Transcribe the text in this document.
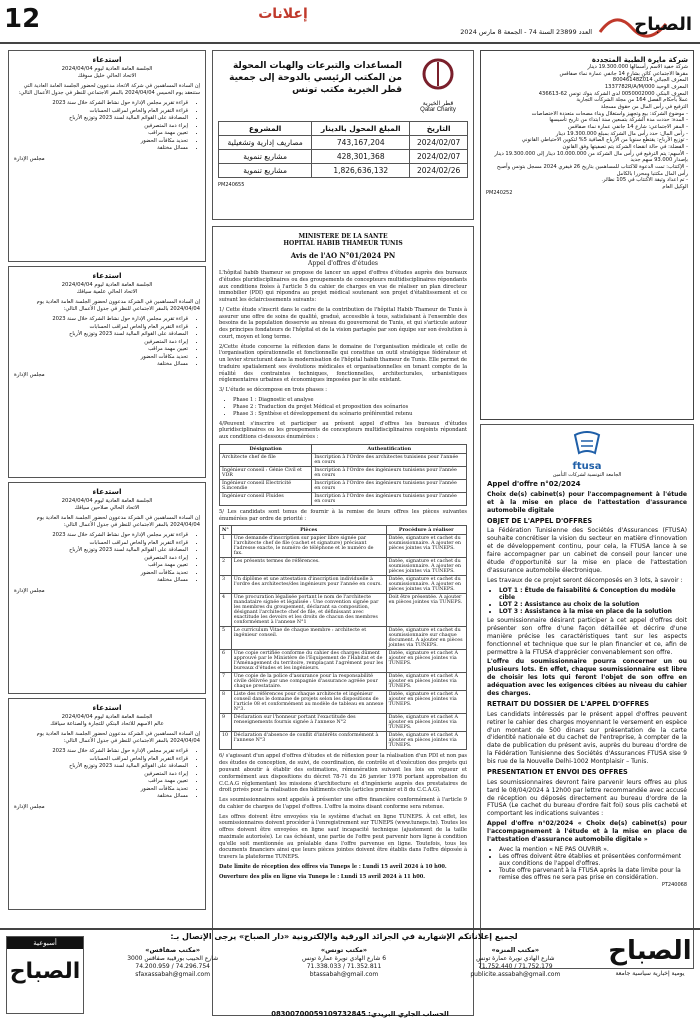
12	إعلانات
العدد 23899 السنة 74 - الجمعة 8 مارس 2024 الصباح
استدعاء
الجلسة العامة العادية ليوم 2024/04/04
الاتحاد الحالي خليل سوفك
إن السادة المساهمين في شركة الاتحاد مدعوون لحضور الجلسة العامة العادية التي ستنعقد يوم الخميس 2024/04/04 بالمقر الاجتماعي للنظر في جدول الأعمال التالي:
• قراءة تقرير مجلس الإدارة حول نشاط الشركة خلال سنة 2023
• قراءة التقرير العام والخاص لمراقب الحسابات
• المصادقة على القوائم المالية لسنة 2023 وتوزيع الأرباح
• إبراء ذمة المتصرفين
• تعيين مهمة مراقب
• تحديد مكافآت الحضور
• مسائل مختلفة
مجلس الإدارة
استدعاء
الجلسة العامة العادية ليوم 2024/04/04
الاتحاد الحالي علمية سيافك
إن السادة المساهمين في الشركة مدعوون لحضور الجلسة العامة العادية يوم 2024/04/04 بالمقر الاجتماعي للنظر في جدول الأعمال التالي:
• قراءة تقرير مجلس الإدارة حول نشاط الشركة خلال سنة 2023
• قراءة التقرير العام والخاص لمراقب الحسابات
• المصادقة على القوائم المالية لسنة 2023 وتوزيع الأرباح
• إبراء ذمة المتصرفين
• تعيين مهمة مراقب
• تحديد مكافآت الحضور
• مسائل مختلفة
مجلس الإدارة
استدعاء
الجلسة العامة العادية ليوم 2024/04/04
الاتحاد الحالي صلاحين سيافك
إن السادة المساهمين في الشركة مدعوون لحضور الجلسة العامة العادية يوم 2024/04/04 بالمقر الاجتماعي للنظر في جدول الأعمال التالي:
• قراءة تقرير مجلس الإدارة حول نشاط الشركة خلال سنة 2023
• قراءة التقرير العام والخاص لمراقب الحسابات
• المصادقة على القوائم المالية لسنة 2023 وتوزيع الأرباح
• إبراء ذمة المتصرفين
• تعيين مهمة مراقب
• تحديد مكافآت الحضور
• مسائل مختلفة
مجلس الإدارة
استدعاء
الجلسة العامة العادية ليوم 2024/04/04
عالم الاسهم للاتحاد البنكي للتجارة والصناعة سيافك
إن السادة المساهمين في الشركة مدعوون لحضور الجلسة العامة العادية يوم 2024/04/04 بالمقر الاجتماعي للنظر في جدول الأعمال التالي:
• قراءة تقرير مجلس الإدارة حول نشاط الشركة خلال سنة 2023
• قراءة التقرير العام والخاص لمراقب الحسابات
• المصادقة على القوائم المالية لسنة 2023 وتوزيع الأرباح
• إبراء ذمة المتصرفين
• تعيين مهمة مراقب
• تحديد مكافآت الحضور
• مسائل مختلفة
مجلس الإدارة
قطر الخيرية
Qatar Charity
المساعدات والتبرعات والهبات المحولة من المكتب الرئيسي بالدوحة إلى جمعية قطر الخيرية مكتب تونس
التاريخ	المبلغ المحول بالدينار	المشروع
2024/02/07	743,167,204	مصاريف إدارية وتشغيلية
2024/02/07	428,301,368	مشاريع تنموية
2024/02/26	1,826,636,132	مشاريع تنموية
PM240655
MINISTERE DE LA SANTE
HOPITAL HABIB THAMEUR TUNIS
Avis de l'AO N°01/2024 PN
Appel d'offres d'études

L'hôpital habib thameur se propose de lancer un appel d'offres d'études auprès des bureaux d'études pluridisciplinaires ou des groupements de concepteurs multidisciplinaires répondants aux conditions fixées à l'article 5 du cahier de charges en vue de réaliser un plan directeur immobilier (PDI) qui répondra au projet médical soutenant son projet d'établissement et ce suivant les éclaircissements suivants:

1/ Cette étude s'inscrit dans le cadre de la contribution de l'hôpital Habib Thameur de Tunis à assurer une offre de soins de qualité, gradué, accessible à tous, satisfaisant à l'ensemble des besoins de la population desservie au niveau du gouvernorat de Tunis, et qui s'articule autour des principes fondateurs de l'hôpital et de la vision partagée par son équipe sur son évolution à court, moyen et long terme.

2/Cette étude concerne la réflexion dans le domaine de l'organisation médicale et celle de l'organisation opérationnelle et fonctionnelle qui constitue un outil stratégique fédérateur et un levier structurant dans la modernisation de l'hôpital habib thameur de Tunis. Elle permet de traduire spatialement ses évolutions médicales et organisationnelles en tenant compte de la réalité des contraintes techniques, fonctionnelles, architecturales, urbanistiques réglementaires urbaines et économiques imposées par le site existant.

3/ L'étude se décompose en trois phases :

• Phase 1 : Diagnostic et analyse
• Phase 2 : Traduction du projet Médical et proposition des scénarios
• Phase 3 : Synthèse et développement du scénario préférentiel retenu

4/Peuvent s'inscrire et participer au présent appel d'offres les bureaux d'études pluridisciplinaires ou les groupements de concepteurs multidisciplinaires conjoints répondant aux conditions ci-dessous énumérées :

Désignation	Authentification
Architecte chef de file	Inscription à l'Ordre des architectes tunisiens pour l'année en cours
Ingénieur conseil : Génie Civil et VDR	Inscription à l'Ordre des ingénieurs tunisiens pour l'année en cours
Ingénieur conseil Electricité S.incendie	Inscription à l'Ordre des ingénieurs tunisiens pour l'année en cours
Ingénieur conseil Fluides	Inscription à l'Ordre des ingénieurs tunisiens pour l'année en cours

5/ Les candidats sont tenus de fournir à la remise de leurs offres les pièces suivantes énumérées par ordre de priorité :

N°	Pièces	Procédure à réaliser
1	Une demande d'inscription sur papier libre signée par l'architecte chef de file (cachet et signature) précisant l'adresse exacte, le numéro de téléphone et le numéro de fax.	Datée, signature et cachet du soumissionnaire. A ajouter en pièces jointes via TUNEPS.
2	Les présents termes de références.	Datée, signature et cachet du soumissionnaire. A ajouter en pièces jointes via TUNEPS.
3	Un diplôme et une attestation d'inscription individuelle à l'ordre des architectes/des ingénieurs pour l'année en cours.	Datée, signature et cachet du soumissionnaire. A ajouter en pièces jointes via TUNEPS.
4	Une procuration légalisée portant le nom de l'architecte mandataire signée et légalisée : Une convention signée par les membres du groupement, déclarant sa composition, désignant l'architecte chef de file, et définissant avec exactitude les devoirs et les droits de chacun des membres conformément à l'annexe N°1	Doit être présentée. A ajouter en pièces jointes via TUNEPS.
5	Le curriculum Vitae de chaque membre : architecte et ingénieur conseil.	Datée, signature et cachet du soumissionnaire sur chaque document. A ajouter en pièces jointes via TUNEPS.
6	Une copie certifiée conforme du cahier des charges dûment approuvé par le Ministère de l'Equipement de l'Habitat et de l'Aménagement du territoire, remplaçant l'agrément pour les bureaux d'études et les ingénieurs.	Datée, signature et cachet A ajouter en pièces jointes via TUNEPS.
7	Une copie de la police d'assurance pour la responsabilité civile délivrée par une compagnie d'assurance agréée pour chaque prestataire.	Datée, signature et cachet A ajouter en pièces jointes via TUNEPS.
8	Liste des références pour chaque architecte et ingénieur conseil dans le domaine de projets selon les dispositions de l'article 08 et conformément au modèle de tableau en annexe N°3.	Datée, signature et cachet A ajouter en pièces jointes via TUNEPS.
9	Déclaration sur l'honneur portant l'exactitude des renseignements fournis signée à l'annexe N°2	Datée, signature et cachet A ajouter en pièces jointes via TUNEPS.
10	Déclaration d'absence de conflit d'intérêts conformément à l'annexe N°3	Datée, signature et cachet A ajouter en pièces jointes via TUNEPS.

6/ s'agissant d'un appel d'offres d'études et de réflexion pour la réalisation d'un PDI et non pas des études de conception, de suivi, de coordination, de contrôle et d'exécution des projets qui pouvant aboutir à établir des estimations, rémunération suivant les lois en vigueur et conformément aux dispositions du décret 78-71 du 26 janvier 1978 portant approbation du C.C.A.G réglementant les missions d'architecture et d'ingénierie auprès des prestataires de droit privés pour la réalisation des bâtiments civils (articles premier et 8 du C.C.A.G).

Les soumissionnaires sont appelés à présenter une offre financière conformément à l'article 9 du cahier de charges de l'appel d'offres. L'offre la moins disant conforme sera retenue.

Les offres doivent être envoyées via le système d'achat en ligne TUNEPS. À cet effet, les soumissionnaires doivent procéder à l'enregistrement sur TUNEPS (www.tuneps.tn). Toutes les offres doivent être envoyées en ligne sauf incapacité technique (ajustement de la taille maximale autorisée). Le cas échéant, une partie de l'offre peut parvenir hors ligne à condition qu'elle soit mentionnée au préalable dans l'offre parvenue en ligne. Toutefois, tous les documents financiers ainsi que leurs pièces jointes doivent être établis dans l'offre déposée à travers la plateforme TUNEPS.

Date limite de réception des offres via Tuneps le : Lundi 15 avril 2024 à 10 h00.

Ouverture des plis en ligne via Tuneps le : Lundi 15 avril 2024 à 11 h00.

شركة مايرة الطبية المتجددة
شركة خفية الاسم رأسمالها 19.300.000 دينار
مقرها الاجتماعي كائن بشارع 14 جانفي عمارة نماء صفاقس
المعرف الجبائي 80046148Z014
المعرف الوحيد 1337782R/A/M/000
المعرف البنكي 0050002000 لدى الشركة بنوك تونس 62-436613
عملاً بأحكام الفصل 164 من مجلة الشركات التجارية
الترفيع في رأس المال من حقوق مسجلة
- موضوع الشركة: بيع وتجهيز واستغلال وبناء مصحات متعددة الاختصاصات
- المدة: حددت مدة الشركة بتسعين سنة ابتداء من تاريخ تأسيسها
- المقر الاجتماعي: شارع 14 جانفي عمارة نماء صفاقس
- رأس المال: حدد رأس مال الشركة بمبلغ 19.300.000 دينار
- توزيع الأرباح: يقتطع سنويا من الأرباح الصافية 5% لتكوين الاحتياطي القانوني
- الفضلة: في حالة انقضاء الشركة يتم تصفيتها وفق القانون
- الأسهم: يتم الترفيع في رأس مال الشركة من 10.000.000 دينار إلى 19.300.000 دينار بإصدار 93.000 سهم جديد
- الإكتتاب: تمت الدعوة للاكتتاب للمساهمين بتاريخ 26 فيفري 2024 مسجل بتونس وأصبح رأس المال مكتتبا ومحررا بالكامل
- تم اعداد وثيقة الاكتتاب في 105 نظائر.
الوكيل العام
PM240252
ftusa
الجامعة التونسية لشركات التأمين

Appel d'offre n°02/2024

Choix de(s) cabinet(s) pour l'accompagnement à l'étude et à la mise en place de l'attestation d'assurance automobile digitale

OBJET DE L'APPEL D'OFFRES

La Fédération Tunisienne des Sociétés d'Assurances (FTUSA) souhaite concrétiser la vision du secteur en matière d'innovation et de développement continu, pour cela, la FTUSA lance à se faire accompagner par un cabinet de conseil pour lancer une étude d'opportunité sur la mise en place de l'attestation d'assurance automobile électronique.

Les travaux de ce projet seront décomposés en 3 lots, à savoir :

• LOT 1 : Étude de faisabilité & Conception du modèle cible
• LOT 2 : Assistance au choix de la solution
• LOT 3 : Assistance à la mise en place de la solution

Le soumissionnaire désirant participer à cet appel d'offres doit présenter son offre d'une façon détaillée et décrire d'une manière précise les caractéristiques tant sur les aspects fonctionnel et technique que sur le plan financier et ce, afin de permettre à la FTUSA d'apprécier convenablement son offre.

L'offre du soumissionnaire pourra concerner un ou plusieurs lots. En effet, chaque soumissionnaire est libre de choisir les lots qui feront l'objet de son offre en adéquation avec les exigences citées au niveau du cahier des charges.

RETRAIT DU DOSSIER DE L'APPEL D'OFFRES

Les candidats intéressés par le présent appel d'offres peuvent retirer le cahier des charges moyennant le versement en espèce d'un montant de 500 dinars sur présentation de la carte d'identité nationale et du cachet de l'entreprise, à compter de la date de publication du présent avis, auprès du bureau d'ordre de la Fédération Tunisienne des Sociétés d'Assurances FTUSA sise 9 bis rue de la Nouvelle Delhi-1002 Montplaisir – Tunis.

PRESENTATION ET ENVOI DES OFFRES

Les soumissionnaires devront faire parvenir leurs offres au plus tard le 08/04/2024 à 12h00 par lettre recommandée avec accusé de réception ou déposés directement au bureau d'ordre de la FTUSA (Le cachet du bureau d'ordre fait foi) sous plis cacheté et comportant les indications suivantes :

Appel d'offre n°02/2024 « Choix de(s) cabinet(s) pour l'accompagnement à l'étude et à la mise en place de l'attestation d'assurance automobile digitale »

• Avec la mention « NE PAS OUVRIR ».
• Les offres doivent être établies et présentées conformément aux conditions de l'appel d'offres.
• Toute offre parvenant à la FTUSA après la date limite pour la remise des offres ne sera pas prise en considération.
PT240068
أسبوعية
الصباح
لجميع إعلاناتكم الإشهارية في الجرائد الورقية والإلكترونية «دار الصباح» يرجى الإتصال بـ:
«مكتب المنزه»
شارع الهادي نويرة عمارة تونس
71.752.179 / 71.752.440
publicite.assabah@gmail.com
«مكتب تونس»
6 شارع الهادي نويرة عمارة تونس
71.352.811 / 71.338.033
btassabah@gmail.com
«مكتب صفاقس»
شارع الحبيب بورقيبة صفاقس 3000
74.296.754 / 74.200.959
sfaxassabah@gmail.com
08300700059109732845 :الحساب الجاري البريدي
الصباح
يومية إخبارية سياسية جامعة
